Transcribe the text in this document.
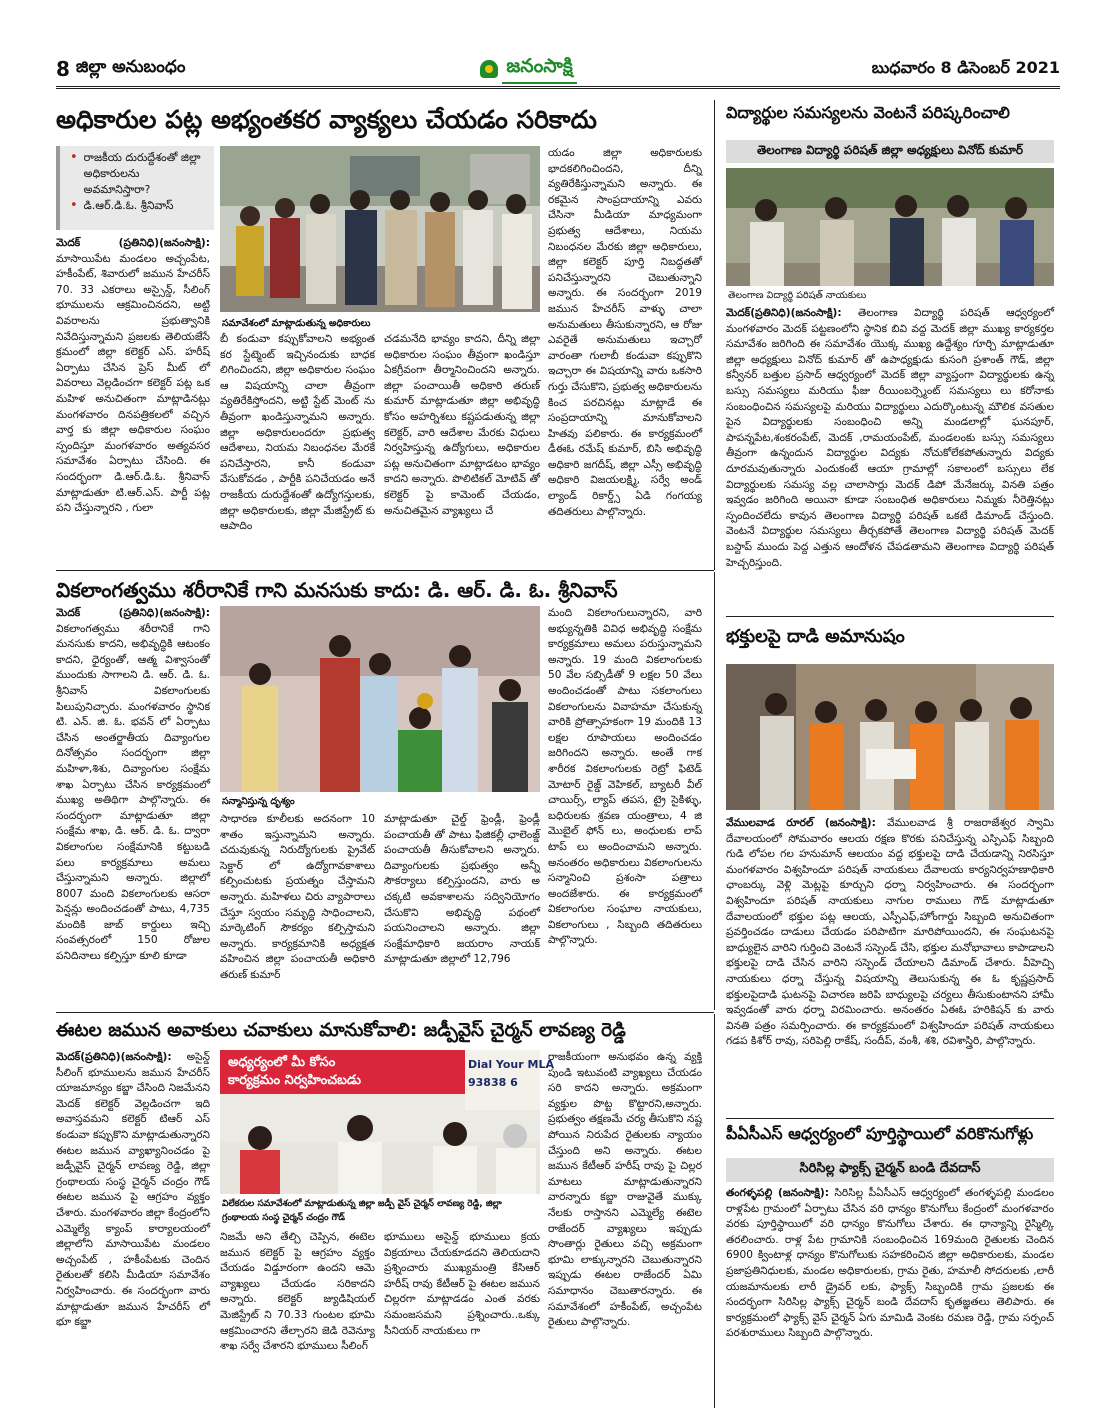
8 జిల్లా అనుబంధం	జనంసాక్షి	బుధవారం 8 డిసెంబర్ 2021
అధికారుల పట్ల అభ్యంతకర వ్యాక్యలు చేయడం సరికాదు
• రాజకీయ దురుద్దేశంతో జిల్లా అధికారులను అవమానిస్తారా?
• డి.ఆర్.డి.ఓ. శ్రీనివాస్
మెదక్ (ప్రతినిధి)(జనంసాక్షి): మాసాయిపేట మండలం అచ్చంపేట, హకీంపేట్, శివారులో జమున హేచరీస్ 70. 33 ఎకరాలు అస్సైన్డ్, సీలింగ్ భూములను ఆక్రమించినదని, అట్టి వివరాలను ప్రభుత్వానికి నివేదిస్తున్నామని ప్రజలకు తెలియజేసే క్రమంలో జిల్లా కలెక్టర్ ఎస్. హరీష్ ఏర్పాటు చేసిన ప్రెస్ మీట్ లో వివరాలు వెల్లడించగా కలెక్టర్ పట్ల ఒక మహిళ అనుచితంగా మాట్లాడినట్లు మంగళవారం దినపత్రికలలో వచ్చిన వార్త కు జిల్లా అధికారుల సంఘం స్పందిస్తూ మంగళవారం అత్యవసర సమావేశం ఏర్పాటు చేసింది. ఈ సందర్భంగా డి.ఆర్.డి.ఓ. శ్రీనివాస్ మాట్లాడుతూ టి.ఆర్.ఎస్. పార్టీ పట్ల పని చేస్తున్నారని , గులా
సమావేశంలో మాట్లాడుతున్న అధికారులు
బీ కండువా కప్పుకోవాలని అభ్యంత కర స్టేట్మెంట్ ఇచ్చినందుకు బాధక లిగించిందని, జిల్లా అధికారుల సంఘం ఆ విషయాన్ని చాలా తీవ్రంగా వ్యతిరేకిస్తోందని, అట్టి స్టేట్ మెంట్ ను తీవ్రంగా ఖండిస్తున్నామని అన్నారు. జిల్లా అధికారులందరూ ప్రభుత్వ ఆదేశాలు, నియమ నిబంధనల మేరకే పనిచేస్తారని, కానీ కండువా వేసుకోవడం , పార్టీకి పనిచేయడం అనే రాజకీయ దురుద్దేశంతో ఉద్యోగస్తులకు, జిల్లా అధికారులకు, జిల్లా మేజిస్ట్రేట్ కు ఆపాదిం
చడమనేది భావ్యం కాదని, దీన్ని జిల్లా అధికారుల సంఘం తీవ్రంగా ఖండిస్తూ ఏకగ్రీవంగా తీర్మానించిందని అన్నారు. జిల్లా పంచాయితీ అధికారి తరుణ్ కుమార్ మాట్లాడుతూ జిల్లా అభివృద్ధి కోసం అహర్నిశలు కష్టపడుతున్న జిల్లా కలెక్టర్, వారి ఆదేశాల మేరకు విధులు నిర్వహిస్తున్న ఉద్యోగులు, అధికారుల పట్ల అనుచితంగా మాట్లాడటం భావ్యం కాదని అన్నారు. పొలిటికల్ మోటివ్ తో కలెక్టర్ పై కామెంట్ చేయడం, అనుచితమైన వ్యాఖ్యలు చే
యడం జిల్లా అధికారులకు భాదకలిగించిందని, దీన్ని వ్యతిరేకిస్తున్నామని అన్నారు. ఈ రకమైన సాంప్రదాయాన్ని ఎవరు చేసినా మీడియా మాధ్యమంగా ప్రభుత్వ ఆదేశాలు, నియమ నిబంధనల మేరకు జిల్లా అధికారులు, జిల్లా కలెక్టర్ పూర్తి నిబద్ధతతో పనిచేస్తున్నారని చెబుతున్నాని అన్నారు. ఈ సందర్భంగా 2019 జమున హేచరీస్ వాళ్ళు చాలా అనుమతులు తీసుకున్నారని, ఆ రోజు ఎవరైతే అనుమతులు ఇచ్చారో వారంతా గులాబీ కండువా కప్పుకొని ఇచ్చారా ఈ విషయాన్ని వారు ఒకసారి గుర్తు చేసుకొని, ప్రభుత్వ అధికారులను కించ పరచినట్లు మాట్లాడే ఈ సంప్రదాయాన్ని మానుకోవాలని హితవు పలికారు. ఈ కార్యక్రమంలో డీఈఓ రమేష్ కుమార్, బిసి అభివృద్ధి అధికారి జగదీష్, జిల్లా ఎస్సీ అభివృద్ధి అధికారి విజయలక్ష్మి, సర్వే అండ్ ల్యాండ్ రికార్డ్స్ ఏడి గంగయ్య తదితరులు పాల్గొన్నారు.
విద్యార్థుల సమస్యలను వెంటనే పరిష్కరించాలి
తెలంగాణ విద్యార్థి పరిషత్ జిల్లా అధ్యక్షులు వినోద్ కుమార్
తెలంగాణ విద్యార్థి పరిషత్ నాయకులు
మెదక్(ప్రతినిధి)(జనంసాక్షి): తెలంగాణ విద్యార్థి పరిషత్ ఆధ్వర్యంలో మంగళవారం మెదక్ పట్టణంలోని స్థానిక బివి వద్ద మెదక్ జిల్లా ముఖ్య కార్యకర్తల సమావేశం జరిగింది ఈ సమావేశం యొక్క ముఖ్య ఉద్దేశ్యం గూర్చి మాట్లాడుతూ జిల్లా అధ్యక్షులు వినోద్ కుమార్ తో ఉపాధ్యక్షుడు కుసంగి ప్రశాంత్ గౌడ్, జిల్లా కన్వీనర్ బత్తుల ప్రసాద్ ఆధ్వర్యంలో మెదక్ జిల్లా వ్యాప్తంగా విద్యార్థులకు ఉన్న బస్సు సమస్యలు మరియు ఫీజు రీయింబర్స్మెంట్ సమస్యలు లు కరోనాకు సంబంధించిన సమస్యలపై మరియు విద్యార్థులు ఎదుర్కొంటున్న మౌలిక వసతుల పైన విద్యార్థులకు సంబంధించి అన్ని మండలాల్లో ఘనపూర్, పాపన్నపేట,శంకరంపేట్, మెదక్ ,రామయంపేట్, మండలంకు బస్సు సమస్యలు తీవ్రంగా ఉన్నందున విద్యార్థుల విద్యకు నోచుకోలేకపోతున్నారు విద్యకు దూరమవుతున్నారు ఎందుకంటే ఆయా గ్రామాల్లో సకాలంలో బస్సులు లేక విద్యార్థులకు సమస్య వల్ల చాలాసార్లు మెదక్ డిపో మేనేజర్కు వినతి పత్రం ఇవ్వడం జరిగింది అయినా కూడా సంబంధిత అధికారులు నిమ్మకు నీరెత్తినట్లు స్పందించలేదు కావున తెలంగాణ విద్యార్థి పరిషత్ ఒకటే డిమాండ్ చేస్తుంది. వెంటనే విద్యార్థుల సమస్యలు తీర్చకపోతే తెలంగాణ విద్యార్థి పరిషత్ మెదక్ బస్టాప్ ముందు పెద్ద ఎత్తున ఆందోళన చేపడతామని తెలంగాణ విద్యార్థి పరిషత్ హెచ్చరిస్తుంది.
వికలాంగత్వము శరీరానికే గాని మనసుకు కాదు: డి. ఆర్. డి. ఓ. శ్రీనివాస్
మెదక్ (ప్రతినిధి)(జనంసాక్షి): వికలాంగత్వము శరీరానికే గాని మనసుకు కాదని, అభివృద్ధికి ఆటంకం కాదని, ధైర్యంతో, ఆత్మ విశ్వాసంతో ముందుకు సాగాలని డి. ఆర్. డి. ఓ. శ్రీనివాస్ వికలాంగులకు పిలుపునిచ్చారు. మంగళవారం స్థానిక టి. ఎన్. జి. ఓ. భవన్ లో ఏర్పాటు చేసిన అంతర్జాతీయ దివ్యాంగుల దినోత్సవం సందర్భంగా జిల్లా మహిళా,శిశు, దివ్యాంగుల సంక్షేమ శాఖ ఏర్పాటు చేసిన కార్యక్రమంలో ముఖ్య అతిథిగా పాల్గొన్నారు. ఈ సందర్భంగా మాట్లాడుతూ జిల్లా సంక్షేమ శాఖ, డి. ఆర్. డి. ఓ. ద్వారా వికలాంగుల సంక్షేమానికి కట్టుబడి పలు కార్యక్రమాలు అమలు చేస్తున్నామని అన్నారు. జిల్లాలో 8007 మంది వికలాంగులకు ఆసరా పెన్షన్లు అందించడంతో పాటు, 4,735 మందికి జాబ్ కార్డులు ఇచ్చి సంవత్సరంలో 150 రోజుల పనిదినాలు కల్పిస్తూ కూలి కూడా
సన్మానిస్తున్న దృశ్యం
సాధారణ కూలీలకు అదనంగా 10 శాతం ఇస్తున్నామని అన్నారు. చదువుకున్న నిరుద్యోగులకు ప్రైవేట్ సెక్టార్ లో ఉద్యోగావకాశాలు కల్పించుటకు ప్రయత్నం చేస్తామని అన్నారు. మహిళలు చిరు వ్యాపారాలు చేస్తూ స్వయం సమృద్ధి సాధించాలని, మార్కెటింగ్ సౌకర్యం కల్పిస్తామని అన్నారు. కార్యక్రమానికి అధ్యక్షత వహించిన జిల్లా పంచాయతీ అధికారి తరుణ్ కుమార్
మాట్లాడుతూ చైల్డ్ ఫ్రెండ్లీ, ఫ్రెండ్లీ పంచాయతీ తో పాటు ఫిజికల్లీ ఛాలెంజ్డ్ పంచాయతీ తీసుకోవాలని అన్నారు. దివ్యాంగులకు ప్రభుత్వం అన్నీ సౌకర్యాలు కల్పిస్తుందని, వారు అ చక్కటి అవకాశాలను సద్వినియోగం చేసుకొని అభివృద్ధి పథంలో పయనించాలని అన్నారు. జిల్లా సంక్షేమాధికారి జయరాం నాయక్ మాట్లాడుతూ జిల్లాలో 12,796
మంది వికలాంగులున్నారని, వారి అభ్యున్నతికి వివిధ అభివృద్ధి సంక్షేమ కార్యక్రమాలు అమలు పరుస్తున్నామని అన్నారు. 19 మంది వికలాంగులకు 50 వేల సబ్సిడీతో 9 లక్షల 50 వేలు అందించడంతో పాటు సకలాంగులు వికలాంగులను వివాహమా చేసుకున్న వారికి ప్రోత్సాహకంగా 19 మందికి 13 లక్షల రూపాయలు అందించడం జరిగిందని అన్నారు. అంతే గాక శారీరక వికలాంగులకు రెట్రో ఫిటెడ్ మోటార్ రైజ్డ్ వెహికల్, బ్యాటరీ వీల్ చాయిర్స్, ల్యాప్ తపస, ట్రై సైకిళ్ళు, బధిరులకు శ్రవణ యంత్రాలు, 4 జి మొబైల్ ఫోన్ లు, అంధులకు లాప్ టాప్ లు అందించామని అన్నారు. అనంతరం అధికారులు వికలాంగులను సన్మానించి ప్రశంసా పత్రాలు అందజేశారు. ఈ కార్యక్రమంలో వికలాంగుల సంఘాల నాయకులు, వికలాంగులు , సిబ్బంది తదితరులు పాల్గొన్నారు.
భక్తులపై దాడి అమానుషం
వేములవాడ రూరల్ (జనంసాక్షి): వేములవాడ శ్రీ రాజరాజేశ్వర స్వామి దేవాలయంలో సోమవారం ఆలయ రక్షణ కొరకు పనిచేస్తున్న ఎస్పిఎఫ్ సిబ్బంది గుడి లోపల గల హనుమాన్ ఆలయం వద్ద భక్తులపై దాడి చేయడాన్ని నిరసిస్తూ మంగళవారం విశ్వహిందూ పరిషత్ నాయకులు దేవాలయ కార్యనిర్వహణాధికారి ఛాంబర్కు వెళ్లి మెట్లపై కూర్చుని ధర్నా నిర్వహించారు. ఈ సందర్భంగా విశ్వహిందూ పరిషత్ నాయకులు నాగుల రాములు గౌడ్ మాట్లాడుతూ దేవాలయంలో భక్తుల పట్ల ఆలయ, ఎస్పీఎఫ్,హోంగార్డు సిబ్బంది అనుచితంగా ప్రవర్తించడం దాడులు చేయడం పరిపాటిగా మారిపోయిందని, ఈ సంఘటనపై బాధ్యులైన వారిని గుర్తించి వెంటనే సస్పెండ్ చేసి, భక్తుల మనోభావాలు కాపాడాలని భక్తులపై దాడి చేసిన వారిని సస్పెండ్ చేయాలని డిమాండ్ చేశారు. వీహెచ్పి నాయకులు ధర్నా చేస్తున్న విషయాన్ని తెలుసుకున్న ఈ ఓ కృష్ణప్రసాద్ భక్తులపైదాడి ఘటనపై విచారణ జరిపి బాధ్యులపై చర్యలు తీసుకుంటానని హామీ ఇవ్వడంతో వారు ధర్నా విరమించారు. అనంతరం ఏఈఓ హరికిషన్ కు వారు వినతి పత్రం సమర్పించారు. ఈ కార్యక్రమంలో విశ్వహిందూ పరిషత్ నాయకులు గడప కిశోర్ రావు, సరిపెల్లి రాకేష్, సందీప్, వంశీ, శశి, రవిశాస్త్రిరి, పాల్గొన్నారు.
ఈటల జమున అవాకులు చవాకులు మానుకోవాలి: జడ్పీవైస్ చైర్మన్ లావణ్య రెడ్డి
మెదక్(ప్రతినిధి)(జనంసాక్షి): అసైన్డ్ సీలింగ్ భూములను జమున హేచరీస్ యాజమాన్యం కబ్జా చేసింది నిజమేనని మెదక్ కలెక్టర్ వెల్లడించగా ఇది అవాస్తవమని కలెక్టర్ టిఆర్ ఎస్ కండువా కప్పుకొని మాట్లాడుతున్నారని ఈటల జమున వ్యాఖ్యానించడం పై జడ్పీవైస్ చైర్మన్ లావణ్య రెడ్డి, జిల్లా గ్రంథాలయ సంస్థ చైర్మన్ చంద్రం గౌడ్ ఈటల జమున పై ఆగ్రహం వ్యక్తం చేశారు. మంగళవారం జిల్లా కేంద్రంలోని ఎమ్మెల్యే క్యాంప్ కార్యాలయంలో జిల్లాలోని మాసాయిపేట మండలం అచ్చంపేట్ , హకీంపేటకు చెందిన రైతులతో కలిసి మీడియా సమావేశం నిర్వహించారు. ఈ సందర్భంగా వారు మాట్లాడుతూ జమున హేచరీస్ లో భూ కబ్జా
అధ్యర్యంలో మీ కోసం
కార్యక్రమం నిర్వహించబడు
Dial Your MLA
93838 6
విలేకరుల సమావేశంలో మాట్లాడుతున్న జిల్లా జడ్పీ వైస్ చైర్మన్ లావణ్య రెడ్డి, జిల్లా
గ్రంథాలయ సంస్థ చైర్మన్ చంద్రం గౌడ్
నిజమే అని తేల్చి చెప్పిన, ఈటెల జమున కలెక్టర్ పై ఆగ్రహం వ్యక్తం చేయడం విడ్డూరంగా ఉందని ఆమె వ్యాఖ్యలు చేయడం సరికాదని అన్నారు. కలెక్టర్ జ్యుడిషియల్ మెజిస్ట్రేట్ ని 70.33 గుంటల భూమి ఆక్రమించారని తేల్చారని జెడి రెవెన్యూ శాఖ సర్వే చేశారని భూములు సీలింగ్
భూములు అసైన్డ్ భూములు క్రయ విక్రయాలు చేయకూడదని తెలియదాని ప్రశ్నించారు ముఖ్యమంత్రి కేసిఆర్ హరీష్ రావు కేటీఆర్ పై ఈటల జమున చిల్లరగా మాట్లాడడం ఎంత వరకు సమంజసమని ప్రశ్నించారు..ఒక్కు సీనియర్ నాయకులు గా
రాజకీయంగా అనుభవం ఉన్న వ్యక్తి పుండి ఇటువంటి వ్యాఖ్యలు చేయడం సరి కాదని అన్నారు. అక్రమంగా వ్యక్తుల పొట్ట కొట్టారని,అన్నారు. ప్రభుత్వం తక్షణమే చర్య తీసుకొని నష్ట పోయిన నిరుపేద రైతులకు న్యాయం చేస్తుంది అని అన్నారు. ఈటల జమున కేటీఆర్ హరీష్ రావు పై చిల్లర మాటలు మాట్లాడుతున్నారని వారన్నారు కబ్జా రాజువైతే ముక్కు నేలకు రాస్తానని ఎమ్మెల్యే ఈటెల రాజేందర్ వ్యాఖ్యలు ఇప్పుడు సొంతార్లు రైతులు వచ్చి అక్రమంగా భూమి లాక్కున్నారని చెబుతున్నారని ఇప్పుడు ఈటల రాజేందర్ ఏమి సమాధానం చెబుతారన్నారు. ఈ సమావేశంలో హకీంపేట్, అచ్చంపేట రైతులు పాల్గొన్నారు.
పీఏసీఎస్ ఆధ్వర్యంలో పూర్తిస్థాయిలో వరికొనుగోళ్లు
సిరిసిల్ల ఫ్యాక్స్ చైర్మన్ బండి దేవదాస్
తంగళ్ళపల్లి (జనంసాక్షి): సిరిసిల్ల పీఏసీఎస్ ఆధ్వర్యంలో తంగళ్ళపల్లి మండలం రాళ్లపేట గ్రామంలో ఏర్పాటు చేసిన వరి ధాన్యం కొనుగోలు కేంద్రంలో మంగళవారం వరకు పూర్తిస్థాయిలో వరి ధాన్యం కొనుగోలు చేశారు. ఈ ధాన్యాన్ని రైస్మిల్కి తరలించారు. రాళ్ల పేట గ్రామానికి సంబంధించిన 169మంది రైతులకు చెందిన 6900 క్వింటాళ్ల ధాన్యం కొనుగోలుకు సహకరించిన జిల్లా అధికారులకు, మండల ప్రజాప్రతినిధులకు, మండల అధికారులకు, గ్రామ రైతు, హమాలీ సోదరులకు ,లారీ యజమానులకు లారీ డ్రైవర్ లకు, ఫ్యాక్స్ సిబ్బందికి గ్రామ ప్రజలకు ఈ సందర్భంగా సిరిసిల్ల ఫ్యాక్స్ చైర్మన్ బండి దేవదాస్ కృతజ్ఞతలు తెలిపారు. ఈ కార్యక్రమంలో ఫ్యాక్స్ వైస్ చైర్మన్ ఏగు మామిడి వెంకట రమణ రెడ్డి, గ్రామ సర్పంచ్ పరశురాములు సిబ్బంది పాల్గొన్నారు.
